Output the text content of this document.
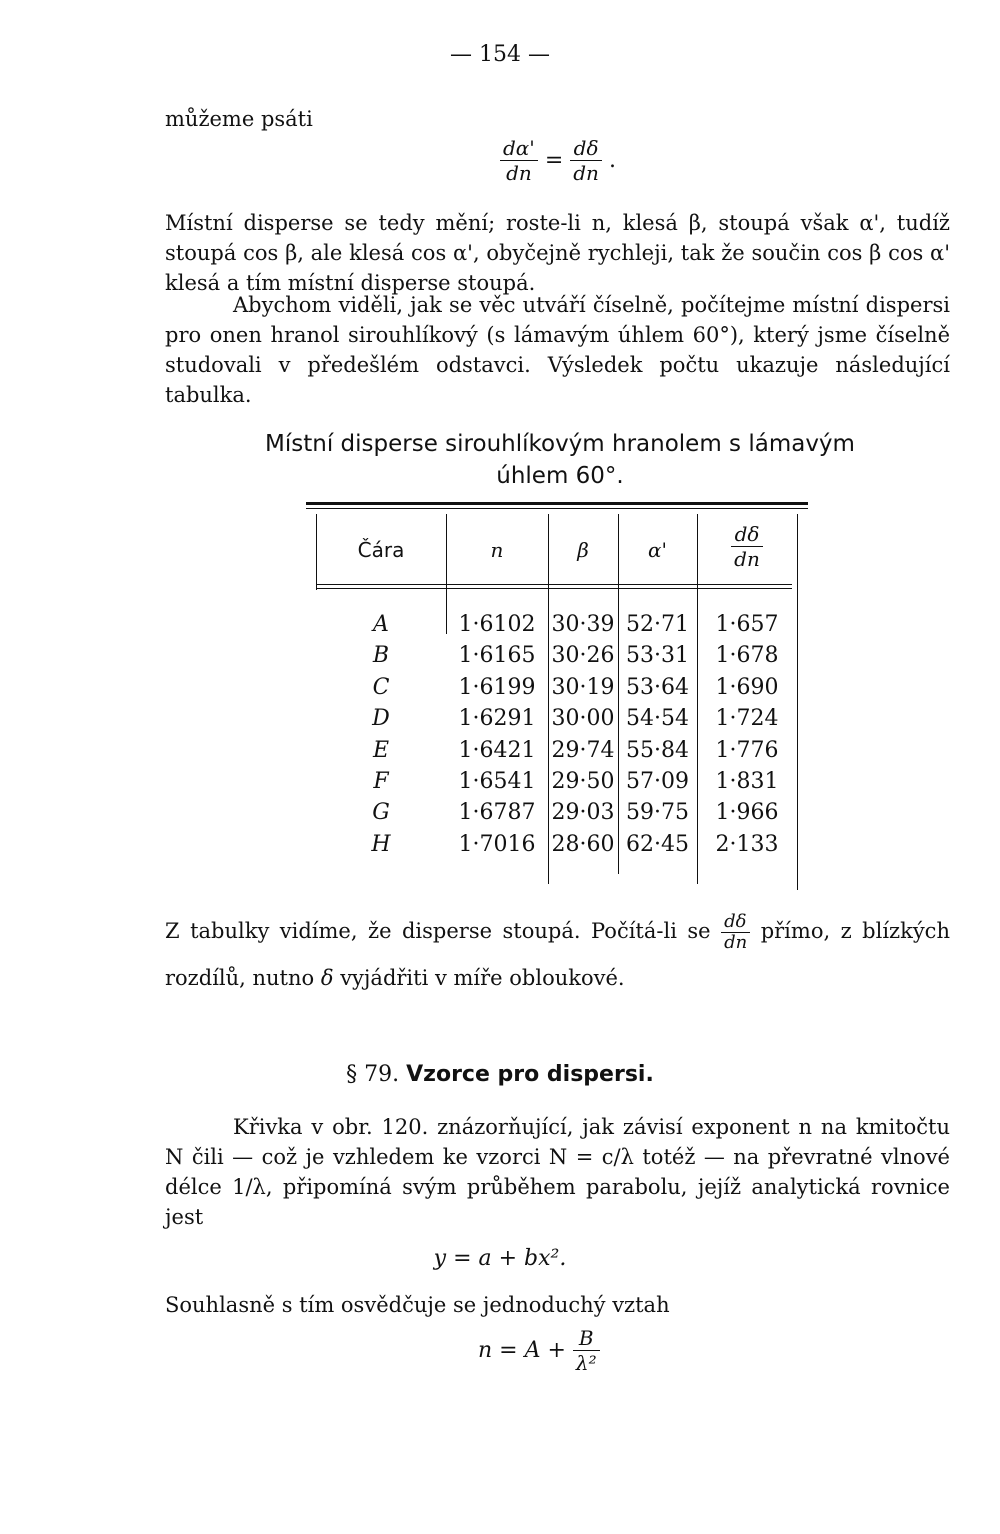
— 154 —
můžeme psáti
$\frac{d\alpha'}{dn} = \frac{d\delta}{dn}$ .
Místní disperse se tedy mění; roste-li n, klesá β, stoupá však α', tudíž stoupá cos β, ale klesá cos α', obyčejně rychleji, tak že součin cos β cos α' klesá a tím místní disperse stoupá.
Abychom viděli, jak se věc utváří číselně, počítejme místní dispersi pro onen hranol sirouhlíkový (s lámavým úhlem 60°), který jsme číselně studovali v předešlém odstavci. Výsledek počtu ukazuje následující tabulka.
Místní disperse sirouhlíkovým hranolem s lámavým
úhlem 60°.
Čára	n	β	α'	$\frac{d\delta}{dn}$
A	1·6102 30·39 52·71	1·657
B	1·6165 30·26 53·31	1·678
C	1·6199 30·19 53·64	1·690
D	1·6291 30·00 54·54	1·724
E	1·6421 29·74 55·84	1·776
F	1·6541 29·50 57·09	1·831
G	1·6787 29·03 59·75	1·966
H	1·7016 28·60 62·45	2·133
Z tabulky vidíme, že disperse stoupá. Počítá-li se $\frac{d\delta}{dn}$ přímo, z blízkých
rozdílů, nutno δ vyjádřiti v míře obloukové.
§ 79. Vzorce pro dispersi.
Křivka v obr. 120. znázorňující, jak závisí exponent n na kmitočtu N čili — což je vzhledem ke vzorci N = c/λ totéž — na převratné vlnové délce 1/λ, připomíná svým průběhem parabolu, jejíž analytická rovnice jest
y = a + bx².
Souhlasně s tím osvědčuje se jednoduchý vztah
$n = A + \frac{B}{\text{λ²}}$
